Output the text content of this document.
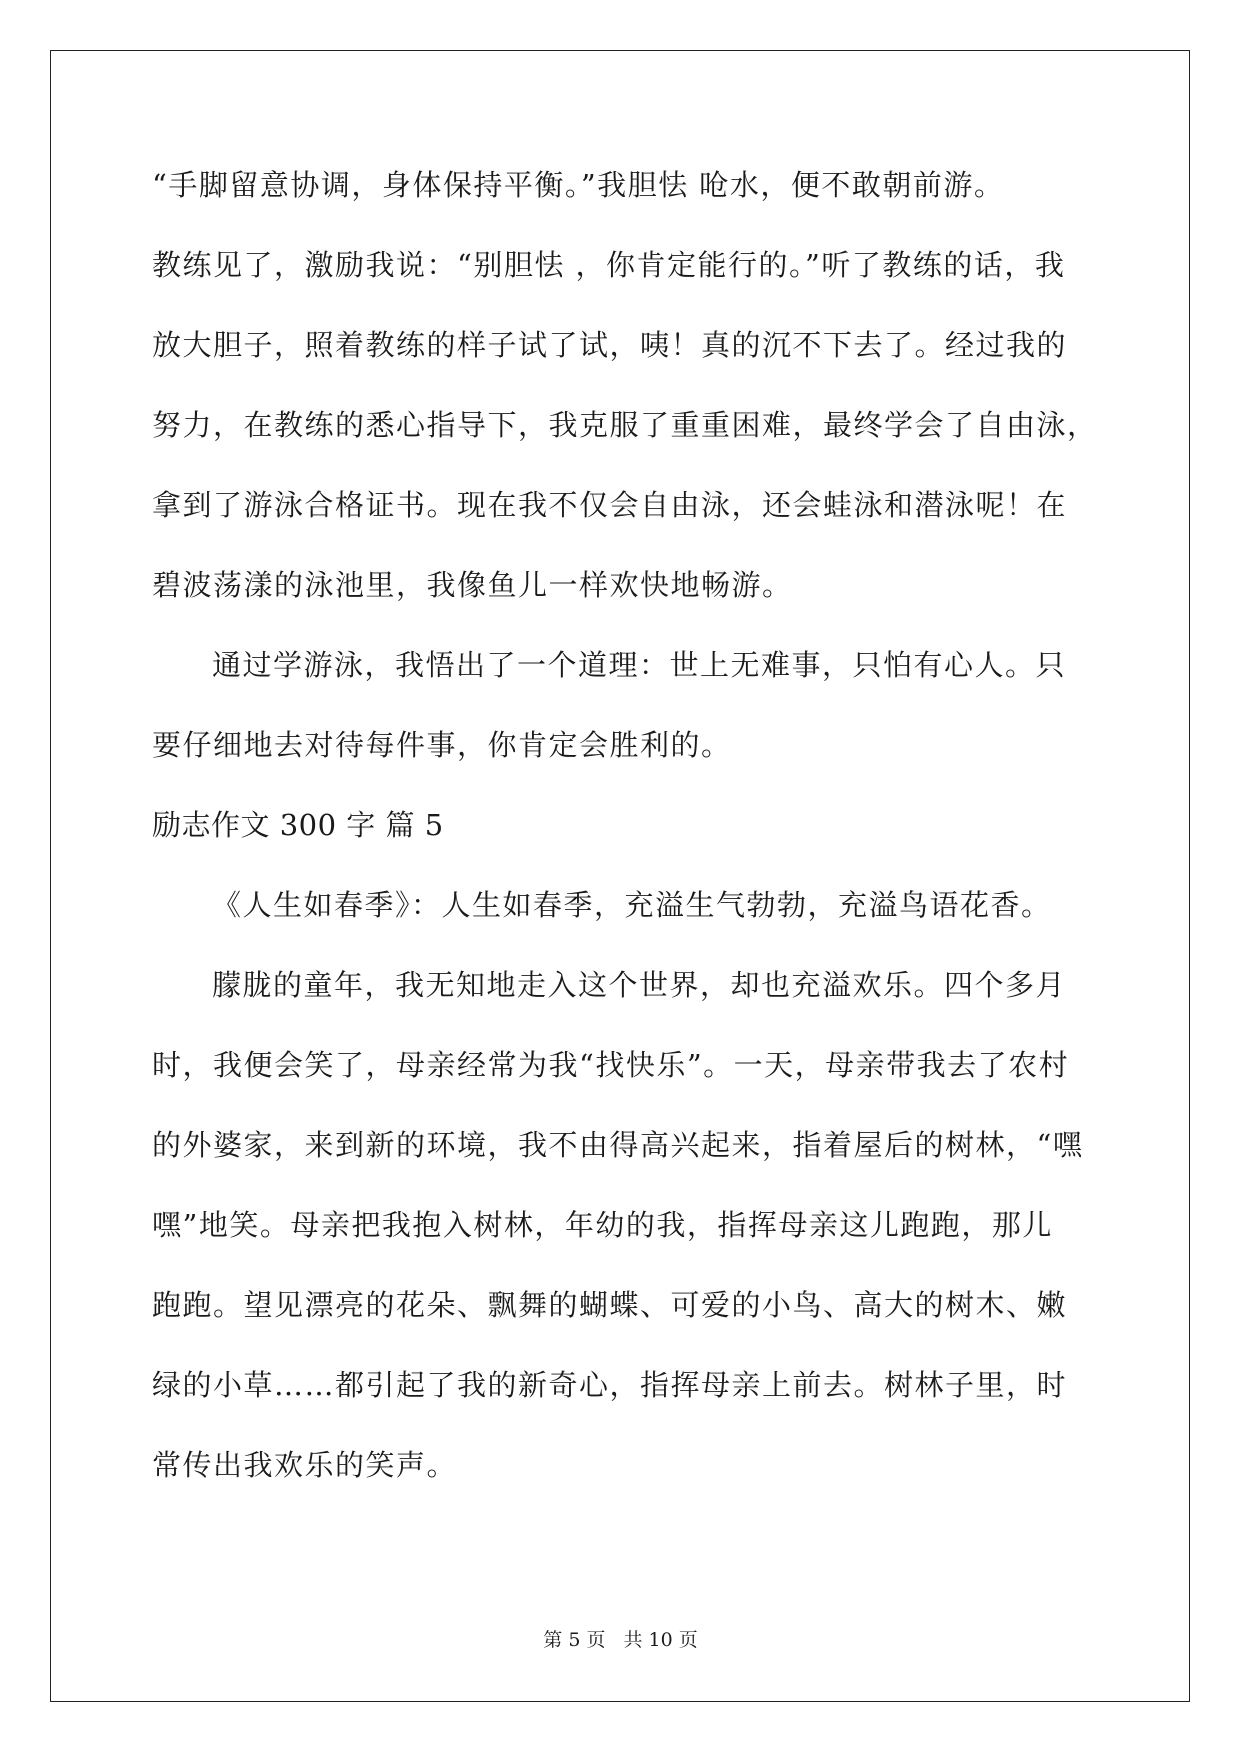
“手脚留意协调，身体保持平衡。”我胆怯 呛水，便不敢朝前游。
教练见了，激励我说：“别胆怯 ，你肯定能行的。”听了教练的话，我
放大胆子，照着教练的样子试了试，咦！真的沉不下去了。经过我的
努力，在教练的悉心指导下，我克服了重重困难，最终学会了自由泳，
拿到了游泳合格证书。现在我不仅会自由泳，还会蛙泳和潜泳呢！在
碧波荡漾的泳池里，我像鱼儿一样欢快地畅游。
通过学游泳，我悟出了一个道理：世上无难事，只怕有心人。只
要仔细地去对待每件事，你肯定会胜利的。
励志作文 300 字 篇 5
《人生如春季》：人生如春季，充溢生气勃勃，充溢鸟语花香。
朦胧的童年，我无知地走入这个世界，却也充溢欢乐。四个多月
时，我便会笑了，母亲经常为我“找快乐”。一天，母亲带我去了农村
的外婆家，来到新的环境，我不由得高兴起来，指着屋后的树林，“嘿
嘿”地笑。母亲把我抱入树林，年幼的我，指挥母亲这儿跑跑，那儿
跑跑。望见漂亮的花朵、飘舞的蝴蝶、可爱的小鸟、高大的树木、嫩
绿的小草……都引起了我的新奇心，指挥母亲上前去。树林子里，时
常传出我欢乐的笑声。
第 5 页 共 10 页
